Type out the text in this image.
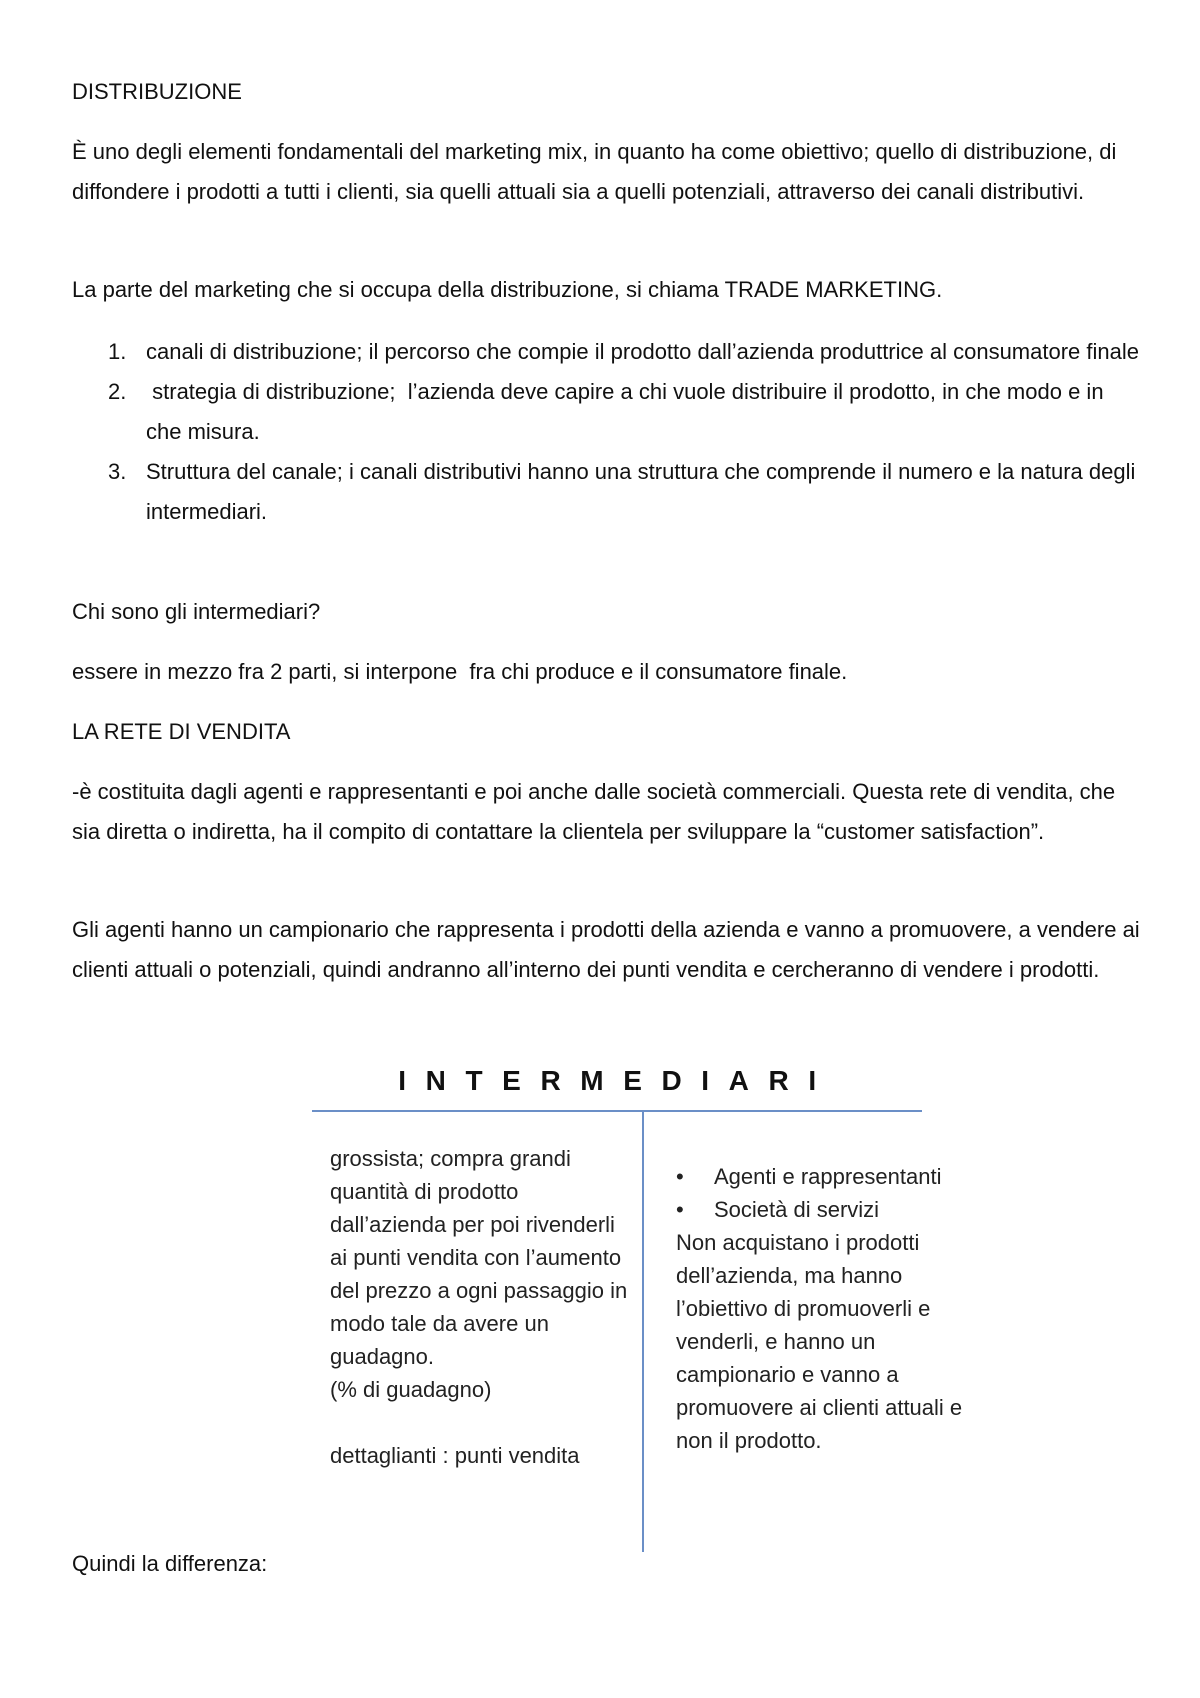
DISTRIBUZIONE

È uno degli elementi fondamentali del marketing mix, in quanto ha come obiettivo; quello di distribuzione, di diffondere i prodotti a tutti i clienti, sia quelli attuali sia a quelli potenziali, attraverso dei canali distributivi.

La parte del marketing che si occupa della distribuzione, si chiama TRADE MARKETING.

1. canali di distribuzione; il percorso che compie il prodotto dall’azienda produttrice al consumatore finale
2. strategia di distribuzione;  l’azienda deve capire a chi vuole distribuire il prodotto, in che modo e in che misura.
3. Struttura del canale; i canali distributivi hanno una struttura che comprende il numero e la natura degli intermediari.

Chi sono gli intermediari?

essere in mezzo fra 2 parti, si interpone  fra chi produce e il consumatore finale.

LA RETE DI VENDITA

-è costituita dagli agenti e rappresentanti e poi anche dalle società commerciali. Questa rete di vendita, che sia diretta o indiretta, ha il compito di contattare la clientela per sviluppare la “customer satisfaction”.

Gli agenti hanno un campionario che rappresenta i prodotti della azienda e vanno a promuovere, a vendere ai clienti attuali o potenziali, quindi andranno all’interno dei punti vendita e cercheranno di vendere i prodotti.

INTERMEDIARI

grossista; compra grandi quantità di prodotto dall’azienda per poi rivenderli ai punti vendita con l’aumento del prezzo a ogni passaggio in modo tale da avere un guadagno.

(% di guadagno)

dettaglianti : punti vendita

• Agenti e rappresentanti
• Società di servizi

Non acquistano i prodotti dell’azienda, ma hanno l’obiettivo di promuoverli e venderli, e hanno un campionario e vanno a promuovere ai clienti attuali e non il prodotto.

Quindi la differenza:
